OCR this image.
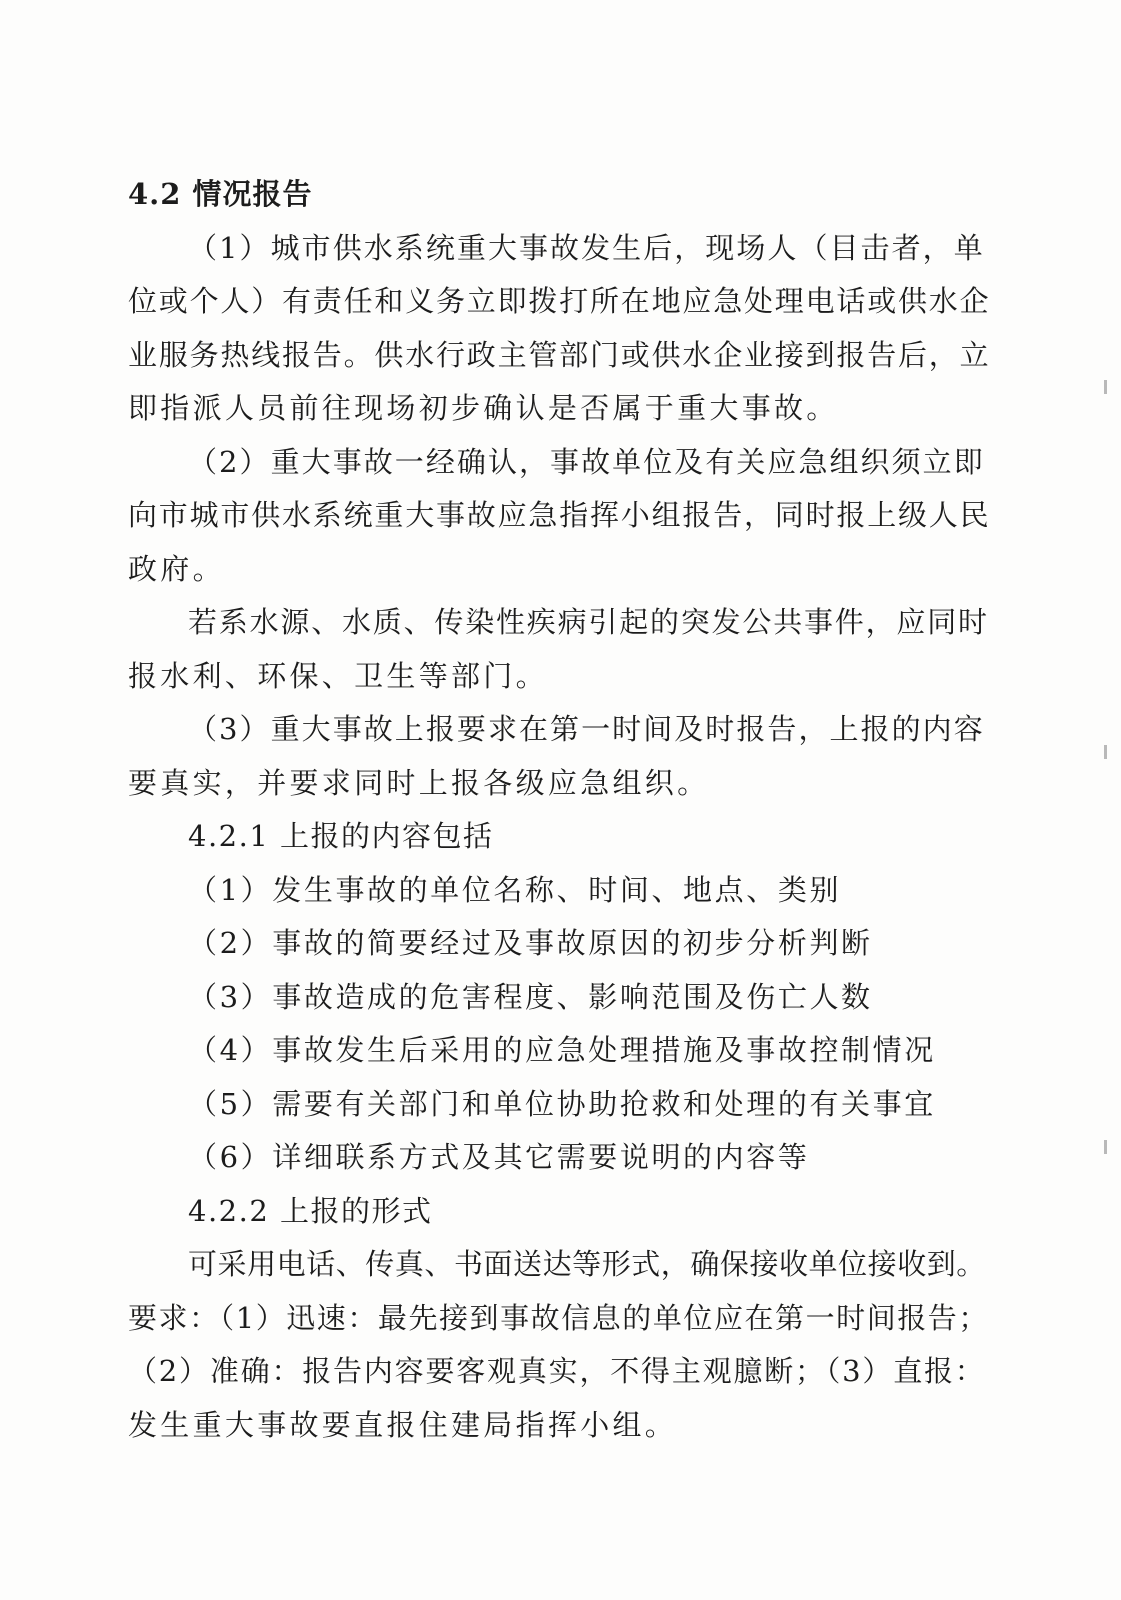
4.2 情况报告
（1）城市供水系统重大事故发生后，现场人（目击者，单
位或个人）有责任和义务立即拨打所在地应急处理电话或供水企
业服务热线报告。供水行政主管部门或供水企业接到报告后，立
即指派人员前往现场初步确认是否属于重大事故。
（2）重大事故一经确认，事故单位及有关应急组织须立即
向市城市供水系统重大事故应急指挥小组报告，同时报上级人民
政府。
若系水源、水质、传染性疾病引起的突发公共事件，应同时
报水利、环保、卫生等部门。
（3）重大事故上报要求在第一时间及时报告，上报的内容
要真实，并要求同时上报各级应急组织。
4.2.1 上报的内容包括
（1）发生事故的单位名称、时间、地点、类别
（2）事故的简要经过及事故原因的初步分析判断
（3）事故造成的危害程度、影响范围及伤亡人数
（4）事故发生后采用的应急处理措施及事故控制情况
（5）需要有关部门和单位协助抢救和处理的有关事宜
（6）详细联系方式及其它需要说明的内容等
4.2.2 上报的形式
可采用电话、传真、书面送达等形式，确保接收单位接收到。
要求：（1）迅速：最先接到事故信息的单位应在第一时间报告；
（2）准确：报告内容要客观真实，不得主观臆断；（3）直报：
发生重大事故要直报住建局指挥小组。
